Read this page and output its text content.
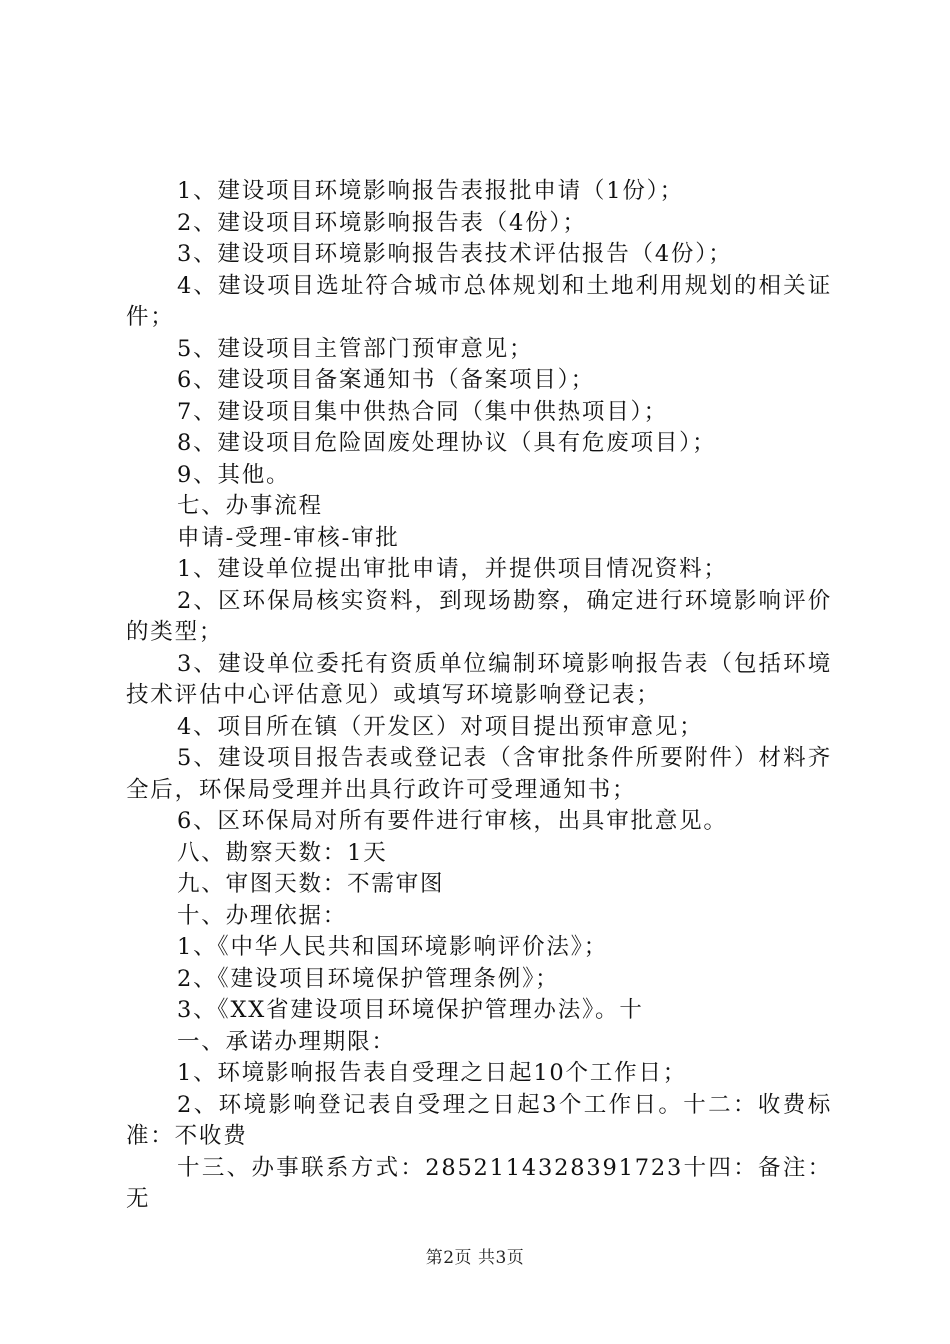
1、建设项目环境影响报告表报批申请（1份）；

2、建设项目环境影响报告表（4份）；

3、建设项目环境影响报告表技术评估报告（4份）；

4、建设项目选址符合城市总体规划和土地利用规划的相关证件；

5、建设项目主管部门预审意见；

6、建设项目备案通知书（备案项目）；

7、建设项目集中供热合同（集中供热项目）；

8、建设项目危险固废处理协议（具有危废项目）；

9、其他。

七、办事流程

申请-受理-审核-审批

1、建设单位提出审批申请，并提供项目情况资料；

2、区环保局核实资料，到现场勘察，确定进行环境影响评价的类型；

3、建设单位委托有资质单位编制环境影响报告表（包括环境技术评估中心评估意见）或填写环境影响登记表；

4、项目所在镇（开发区）对项目提出预审意见；

5、建设项目报告表或登记表（含审批条件所要附件）材料齐全后，环保局受理并出具行政许可受理通知书；

6、区环保局对所有要件进行审核，出具审批意见。

八、勘察天数：1天

九、审图天数：不需审图

十、办理依据：

1、《中华人民共和国环境影响评价法》；

2、《建设项目环境保护管理条例》；

3、《XX省建设项目环境保护管理办法》。十

一、承诺办理期限：

1、环境影响报告表自受理之日起10个工作日；

2、环境影响登记表自受理之日起3个工作日。十二：收费标准：不收费

十三、办事联系方式：2852114328391723十四：备注：无

第2页 共3页
